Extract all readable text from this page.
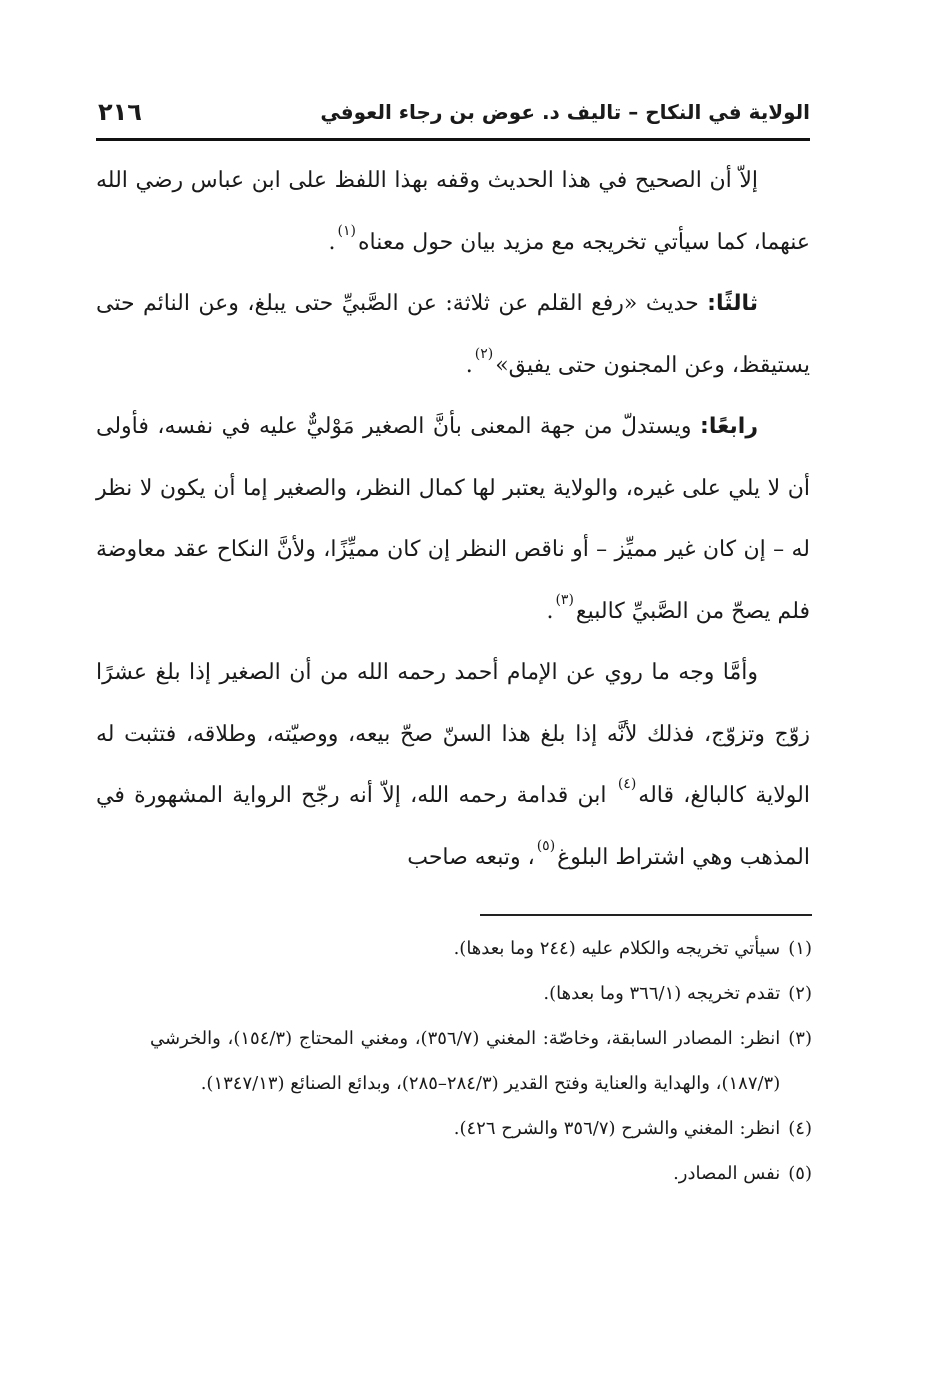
الولاية في النكاح – تاليف د. عوض بن رجاء العوفي
٢١٦

إلاّ أن الصحيح في هذا الحديث وقفه بهذا اللفظ على ابن عباس رضي الله عنهما، كما سيأتي تخريجه مع مزيد بيان حول معناه$^{(١)}$.

ثالثًا: حديث «رفع القلم عن ثلاثة: عن الصَّبيِّ حتى يبلغ، وعن النائم حتى يستيقظ، وعن المجنون حتى يفيق»$^{(٢)}$.

رابعًا: ويستدلّ من جهة المعنى بأنَّ الصغير مَوْليٌّ عليه في نفسه، فأولى أن لا يلي على غيره، والولاية يعتبر لها كمال النظر، والصغير إما أن يكون لا نظر له – إن كان غير مميِّز – أو ناقص النظر إن كان مميِّزًا، ولأنَّ النكاح عقد معاوضة فلم يصحّ من الصَّبيِّ كالبيع$^{(٣)}$.

وأمَّا وجه ما روي عن الإمام أحمد رحمه الله من أن الصغير إذا بلغ عشرًا زوّج وتزوّج، فذلك لأنَّه إذا بلغ هذا السنّ صحّ بيعه، ووصيّته، وطلاقه، فتثبت له الولاية كالبالغ، قاله$^{(٤)}$ ابن قدامة رحمه الله، إلاّ أنه رجّح الرواية المشهورة في المذهب وهي اشتراط البلوغ$^{(٥)}$، وتبعه صاحب

(١)
سيأتي تخريجه والكلام عليه (٢٤٤ وما بعدها).
(٢)
تقدم تخريجه (٣٦٦/١ وما بعدها).
(٣)
انظر: المصادر السابقة، وخاصّة: المغني (٣٥٦/٧)، ومغني المحتاج (١٥٤/٣)، والخرشي (١٨٧/٣)، والهداية والعناية وفتح القدير (٢٨٤/٣–٢٨٥)، وبدائع الصنائع (١٣٤٧/١٣).
(٤)
انظر: المغني والشرح (٣٥٦/٧ والشرح ٤٢٦).
(٥)
نفس المصادر.
